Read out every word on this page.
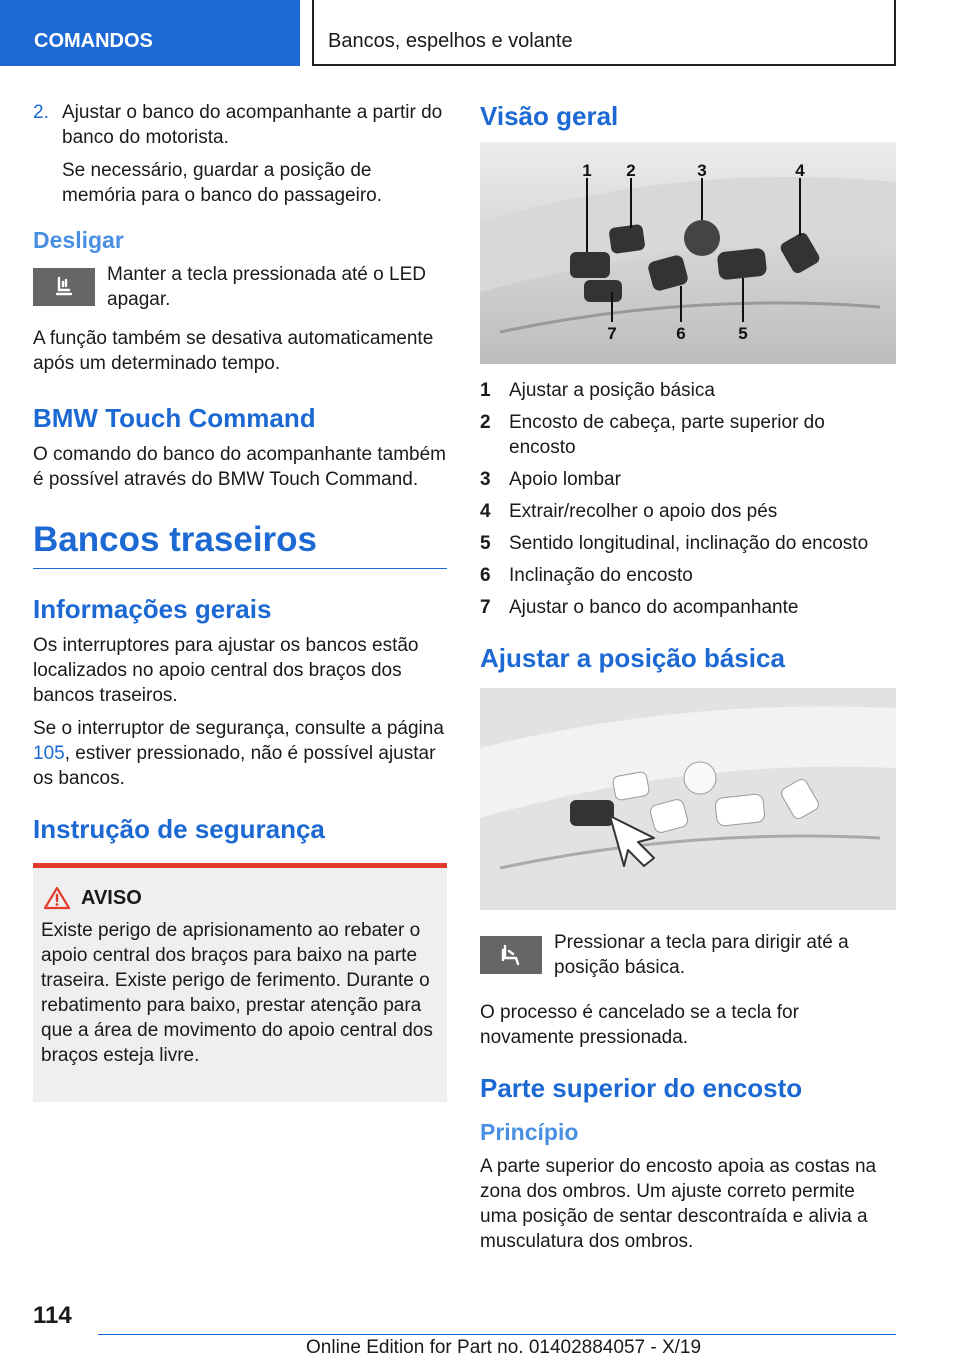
COMANDOS	Bancos, espelhos e volante
2. Ajustar o banco do acompanhante a partir do banco do motorista.

Se necessário, guardar a posição de memória para o banco do passageiro.

Desligar

Manter a tecla pressionada até o LED apagar.

A função também se desativa automaticamente após um determinado tempo.

BMW Touch Command

O comando do banco do acompanhante também é possível através do BMW Touch Command.

Bancos traseiros
Informações gerais

Os interruptores para ajustar os bancos estão localizados no apoio central dos braços dos bancos traseiros.

Se o interruptor de segurança, consulte a página 105, estiver pressionado, não é possível ajustar os bancos.

Instrução de segurança
AVISO

Existe perigo de aprisionamento ao rebater o apoio central dos braços para baixo na parte traseira. Existe perigo de ferimento. Durante o rebatimento para baixo, prestar atenção para que a área de movimento do apoio central dos braços esteja livre.

Visão geral
1 2	3	4
7	6	5
1 Ajustar a posição básica
2 Encosto de cabeça, parte superior do encosto
3 Apoio lombar
4 Extrair/recolher o apoio dos pés
5 Sentido longitudinal, inclinação do encosto
6 Inclinação do encosto
7 Ajustar o banco do acompanhante
Ajustar a posição básica

Pressionar a tecla para dirigir até a posição básica.

O processo é cancelado se a tecla for novamente pressionada.

Parte superior do encosto
Princípio

A parte superior do encosto apoia as costas na zona dos ombros. Um ajuste correto permite uma posição de sentar descontraída e alivia a musculatura dos ombros.

114
Online Edition for Part no. 01402884057 - X/19
